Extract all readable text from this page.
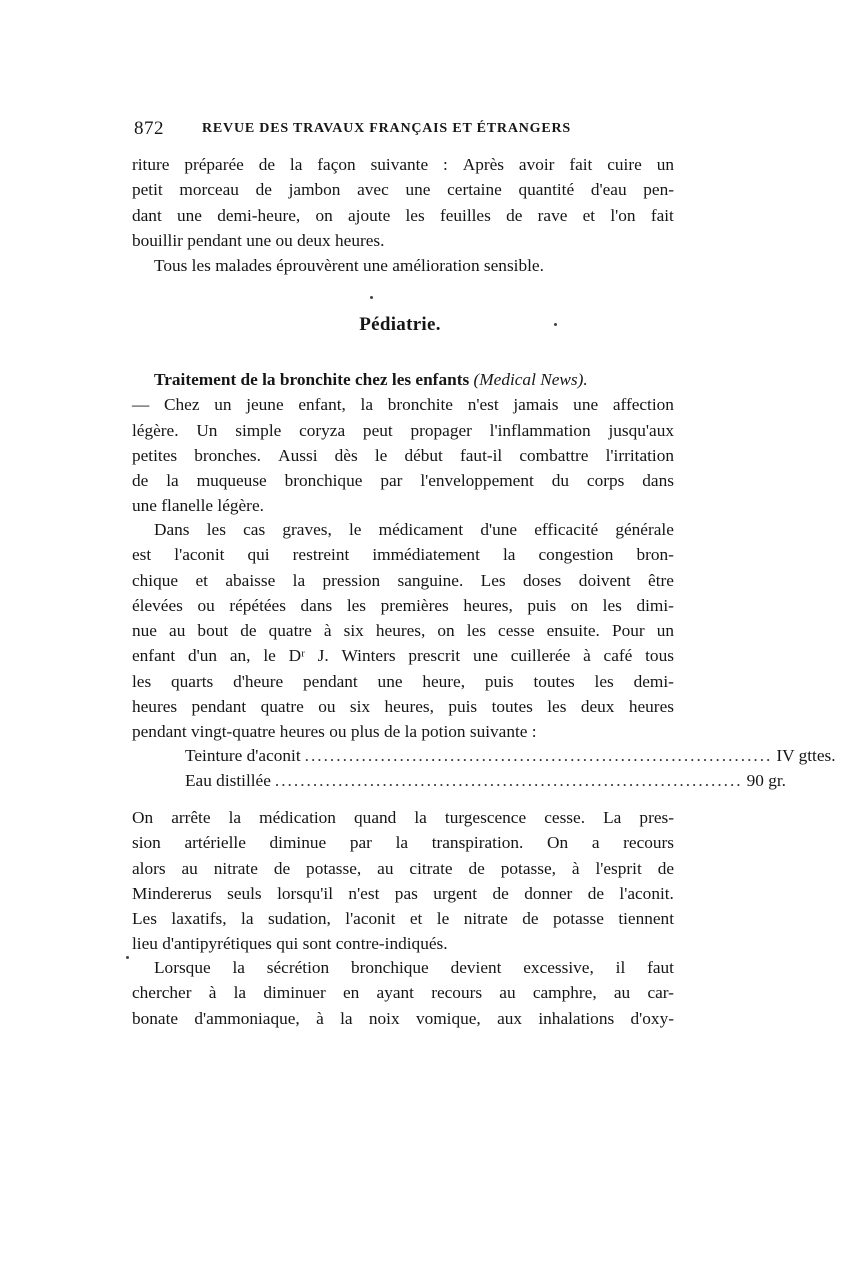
872	REVUE DES TRAVAUX FRANÇAIS ET ÉTRANGERS
riture préparée de la façon suivante : Après avoir fait cuire un
petit morceau de jambon avec une certaine quantité d'eau pen-
dant une demi-heure, on ajoute les feuilles de rave et l'on fait
bouillir pendant une ou deux heures.
Tous les malades éprouvèrent une amélioration sensible.
Pédiatrie.
Traitement de la bronchite chez les enfants
(Medical News).
— Chez un jeune enfant, la bronchite n'est jamais une affection
légère. Un simple coryza peut propager l'inflammation jusqu'aux
petites bronches. Aussi dès le début faut-il combattre l'irritation
de la muqueuse bronchique par l'enveloppement du corps dans
une flanelle légère.
Dans les cas graves, le médicament d'une efficacité générale
est l'aconit qui restreint immédiatement la congestion bron-
chique et abaisse la pression sanguine. Les doses doivent être
élevées ou répétées dans les premières heures, puis on les dimi-
nue au bout de quatre à six heures, on les cesse ensuite. Pour un
enfant d'un an, le Dʳ J. Winters prescrit une cuillerée à café tous
les quarts d'heure pendant une heure, puis toutes les demi-
heures pendant quatre ou six heures, puis toutes les deux heures
pendant vingt-quatre heures ou plus de la potion suivante :
Teinture d'aconit .......................................................................... IV gttes.
Eau distillée .......................................................................... 90 gr.
On arrête la médication quand la turgescence cesse. La pres-
sion artérielle diminue par la transpiration. On a recours
alors au nitrate de potasse, au citrate de potasse, à l'esprit de
Mindererus seuls lorsqu'il n'est pas urgent de donner de l'aconit.
Les laxatifs, la sudation, l'aconit et le nitrate de potasse tiennent
lieu d'antipyrétiques qui sont contre-indiqués.
Lorsque la sécrétion bronchique devient excessive, il faut
chercher à la diminuer en ayant recours au camphre, au car-
bonate d'ammoniaque, à la noix vomique, aux inhalations d'oxy-
